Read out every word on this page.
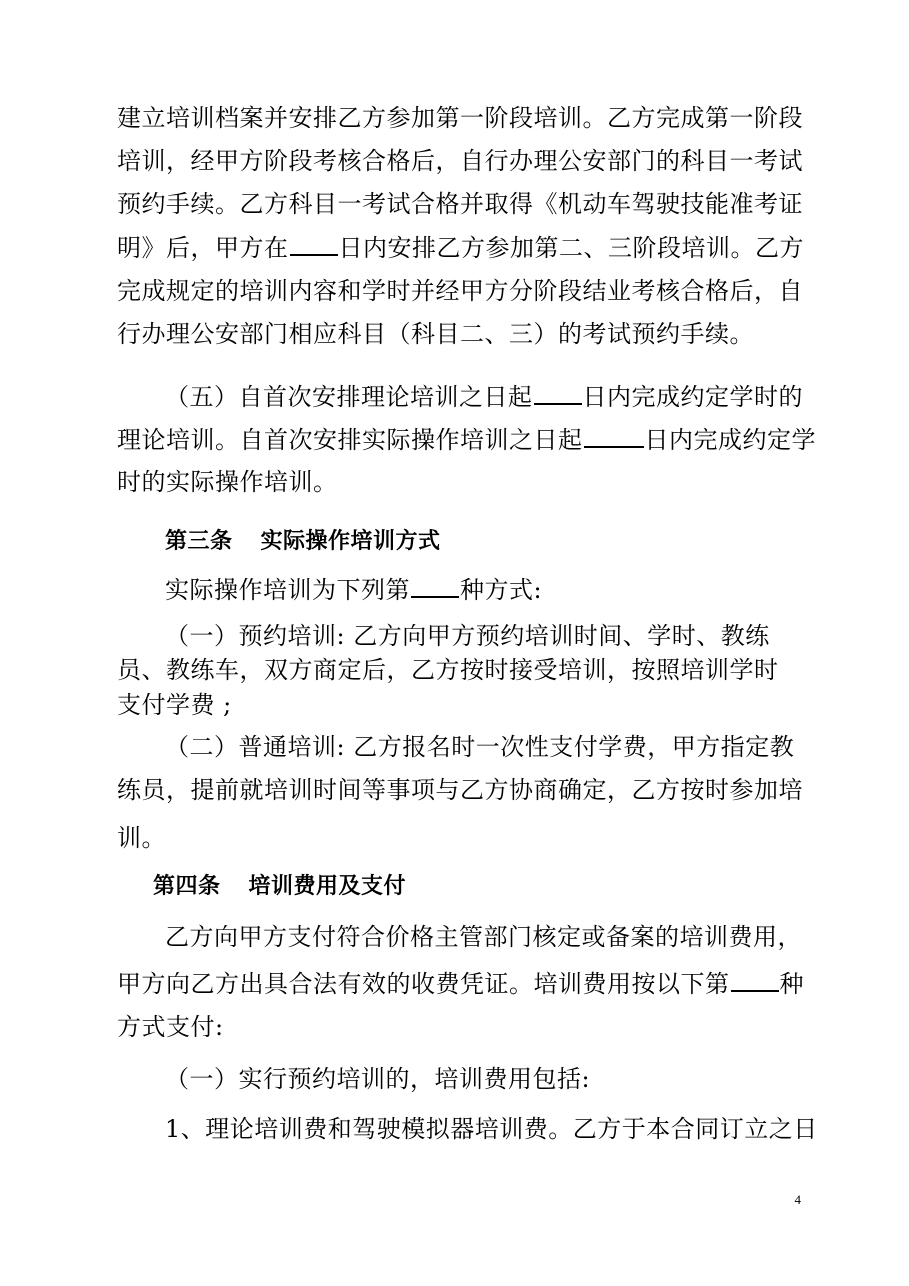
建立培训档案并安排乙方参加第一阶段培训。乙方完成第一阶段
培训，经甲方阶段考核合格后，自行办理公安部门的科目一考试
预约手续。乙方科目一考试合格并取得《机动车驾驶技能准考证
明》后，甲方在 日内安排乙方参加第二、三阶段培训。乙方
完成规定的培训内容和学时并经甲方分阶段结业考核合格后，自
行办理公安部门相应科目（科目二、三）的考试预约手续。
（五）自首次安排理论培训之日起 日内完成约定学时的
理论培训。自首次安排实际操作培训之日起	日内完成约定学
时的实际操作培训。
第三条 实际操作培训方式
实际操作培训为下列第 种方式:
（一）预约培训: 乙方向甲方预约培训时间、学时、教练
员、教练车，双方商定后，乙方按时接受培训，按照培训学时
支付学费 ;
（二）普通培训: 乙方报名时一次性支付学费，甲方指定教
练员，提前就培训时间等事项与乙方协商确定，乙方按时参加培
训。
第四条 培训费用及支付
乙方向甲方支付符合价格主管部门核定或备案的培训费用，
甲方向乙方出具合法有效的收费凭证。培训费用按以下第 种
方式支付:
（一）实行预约培训的，培训费用包括:
1、理论培训费和驾驶模拟器培训费。乙方于本合同订立之日
4
